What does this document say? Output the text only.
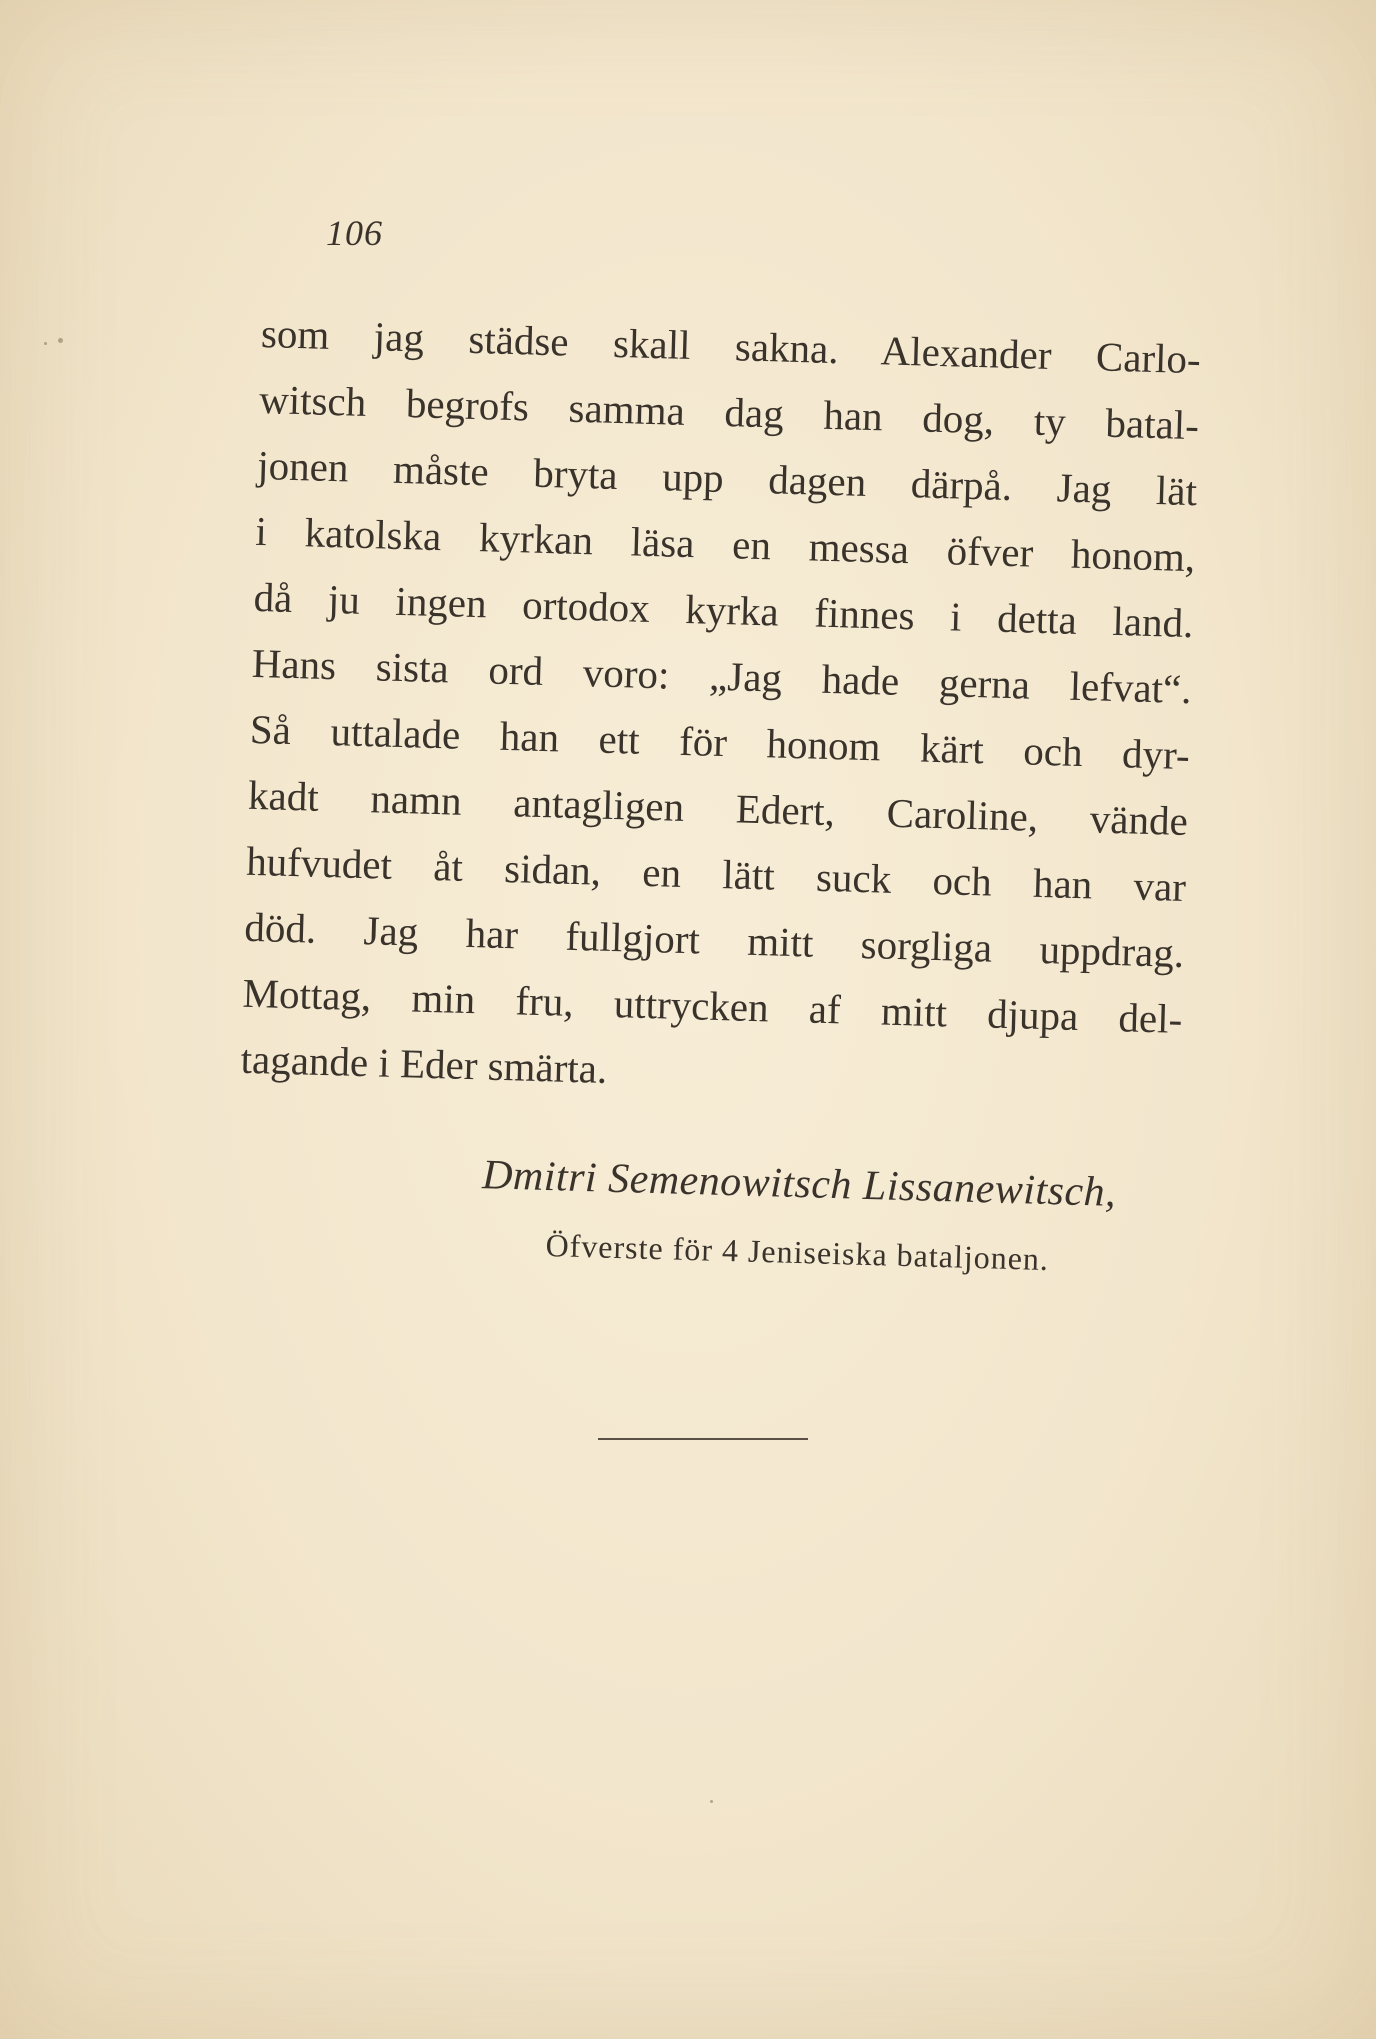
106
som jag städse skall sakna. Alexander Carlo-
witsch begrofs samma dag han dog, ty batal-
jonen måste bryta upp dagen därpå. Jag lät
i katolska kyrkan läsa en messa öfver honom,
då ju ingen ortodox kyrka finnes i detta land.
Hans sista ord voro: „Jag hade gerna lefvat“.
Så uttalade han ett för honom kärt och dyr-
kadt namn antagligen Edert, Caroline, vände
hufvudet åt sidan, en lätt suck och han var
död. Jag har fullgjort mitt sorgliga uppdrag.
Mottag, min fru, uttrycken af mitt djupa del-
tagande i Eder smärta.
Dmitri Semenowitsch Lissanewitsch,
Öfverste för 4 Jeniseiska bataljonen.
